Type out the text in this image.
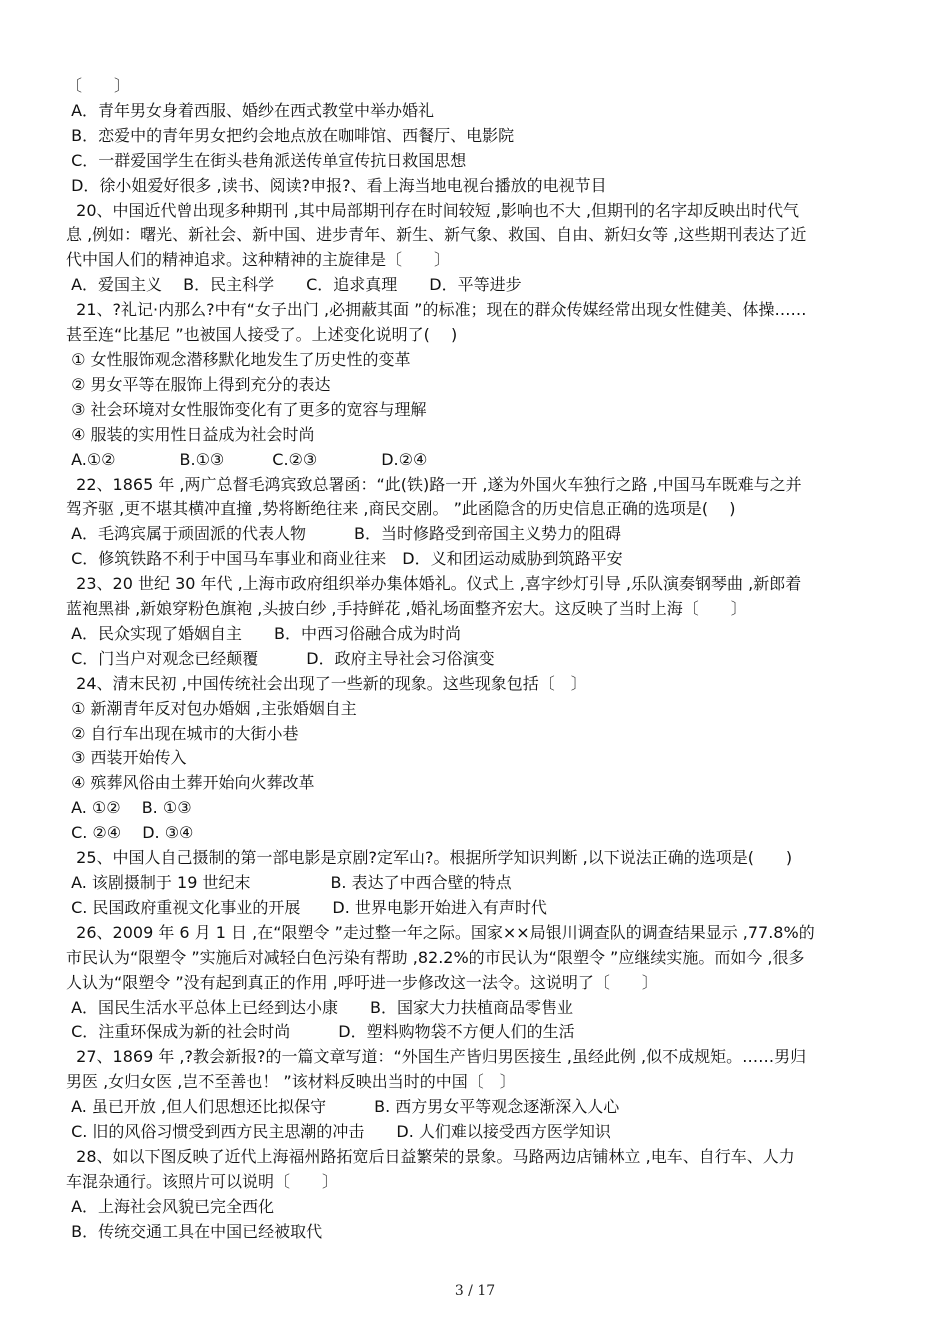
〔　　〕
A．青年男女身着西服、婚纱在西式教堂中举办婚礼
B．恋爱中的青年男女把约会地点放在咖啡馆、西餐厅、电影院
C．一群爱国学生在街头巷角派送传单宣传抗日救国思想
D．徐小姐爱好很多 ,读书、阅读?申报?、看上海当地电视台播放的电视节目
20、中国近代曾出现多种期刊 ,其中局部期刊存在时间较短 ,影响也不大 ,但期刊的名字却反映出时代气
息 ,例如：曙光、新社会、新中国、进步青年、新生、新气象、救国、自由、新妇女等 ,这些期刊表达了近
代中国人们的精神追求。这种精神的主旋律是〔　　〕
A．爱国主义　 B．民主科学　　C．追求真理　　D．平等进步
21、?礼记·内那么?中有“女子出门 ,必拥蔽其面 ”的标准；现在的群众传媒经常出现女性健美、体操……
甚至连“比基尼 ”也被国人接受了。上述变化说明了( 　)
① 女性服饰观念潜移默化地发生了历史性的变革
② 男女平等在服饰上得到充分的表达
③ 社会环境对女性服饰变化有了更多的宽容与理解
④ 服装的实用性日益成为社会时尚
A.①②　　　　B.①③　　　C.②③　　　　D.②④
22、1865 年 ,两广总督毛鸿宾致总署函：“此(铁)路一开 ,遂为外国火车独行之路 ,中国马车既难与之并
驾齐驱 ,更不堪其横冲直撞 ,势将断绝往来 ,商民交剧。 ”此函隐含的历史信息正确的选项是( 　)
A．毛鸿宾属于顽固派的代表人物　　　B．当时修路受到帝国主义势力的阻碍
C．修筑铁路不利于中国马车事业和商业往来　D．义和团运动威胁到筑路平安
23、20 世纪 30 年代 ,上海市政府组织举办集体婚礼。仪式上 ,喜字纱灯引导 ,乐队演奏钢琴曲 ,新郎着
蓝袍黑褂 ,新娘穿粉色旗袍 ,头披白纱 ,手持鲜花 ,婚礼场面整齐宏大。这反映了当时上海〔　　〕
A．民众实现了婚姻自主　　B．中西习俗融合成为时尚
C．门当户对观念已经颠覆　　　D．政府主导社会习俗演变
24、清末民初 ,中国传统社会出现了一些新的现象。这些现象包括〔　〕
① 新潮青年反对包办婚姻 ,主张婚姻自主
② 自行车出现在城市的大街小巷
③ 西装开始传入
④ 殡葬风俗由土葬开始向火葬改革
A. ①②　 B. ①③
C. ②④　 D. ③④
25、中国人自己摄制的第一部电影是京剧?定军山?。根据所学知识判断 ,以下说法正确的选项是(　　)
A. 该剧摄制于 19 世纪末　　　　　B. 表达了中西合壁的特点
C. 民国政府重视文化事业的开展　　D. 世界电影开始进入有声时代
26、2009 年 6 月 1 日 ,在“限塑令 ”走过整一年之际。国家××局银川调查队的调查结果显示 ,77.8%的
市民认为“限塑令 ”实施后对减轻白色污染有帮助 ,82.2%的市民认为“限塑令 ”应继续实施。而如今 ,很多
人认为“限塑令 ”没有起到真正的作用 ,呼吁进一步修改这一法令。这说明了〔　　〕
A．国民生活水平总体上已经到达小康　　B．国家大力扶植商品零售业
C．注重环保成为新的社会时尚　　　D．塑料购物袋不方便人们的生活
27、1869 年 ,?教会新报?的一篇文章写道：“外国生产皆归男医接生 ,虽经此例 ,似不成规矩。……男归
男医 ,女归女医 ,岂不至善也！ ”该材料反映出当时的中国〔　〕
A. 虽已开放 ,但人们思想还比拟保守　　　B. 西方男女平等观念逐渐深入人心
C. 旧的风俗习惯受到西方民主思潮的冲击　　D. 人们难以接受西方医学知识
28、如以下图反映了近代上海福州路拓宽后日益繁荣的景象。马路两边店铺林立 ,电车、自行车、人力
车混杂通行。该照片可以说明〔　　〕
A．上海社会风貌已完全西化
B．传统交通工具在中国已经被取代
3 / 17
